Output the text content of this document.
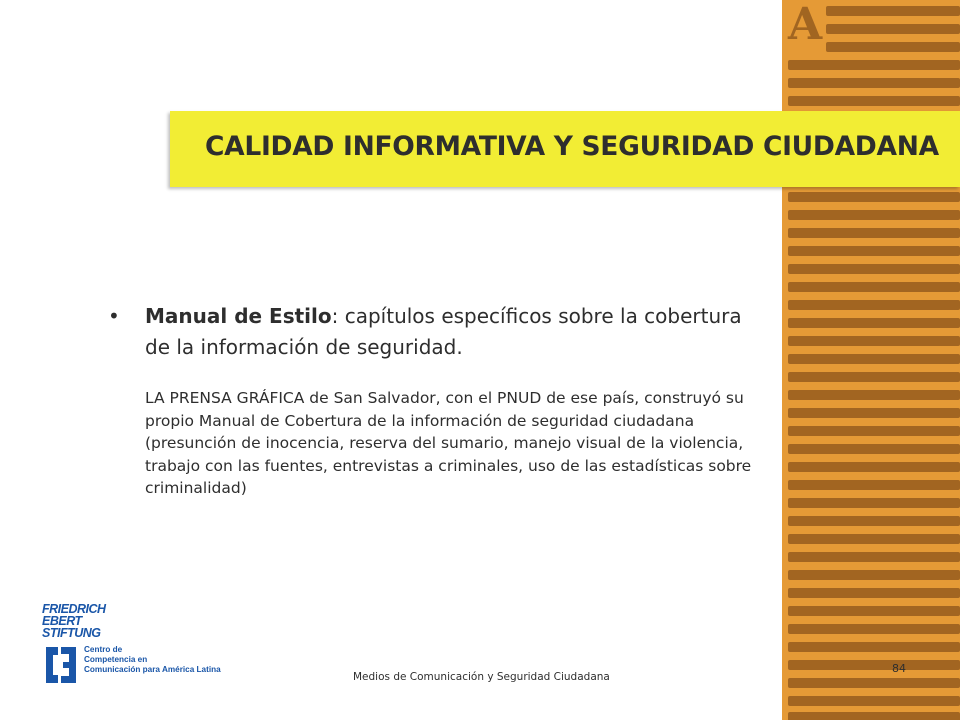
A
CALIDAD INFORMATIVA Y SEGURIDAD CIUDADANA
• Manual de Estilo: capítulos específicos sobre la cobertura de la información de seguridad.

LA PRENSA GRÁFICA de San Salvador, con el PNUD de ese país, construyó su propio Manual de Cobertura de la información de seguridad ciudadana (presunción de inocencia, reserva del sumario, manejo visual de la violencia, trabajo con las fuentes, entrevistas a criminales, uso de las estadísticas sobre criminalidad)

FRIEDRICH
EBERT
STIFTUNG
Centro de
Competencia en
Comunicación para América Latina
Medios de Comunicación y Seguridad Ciudadana
84
